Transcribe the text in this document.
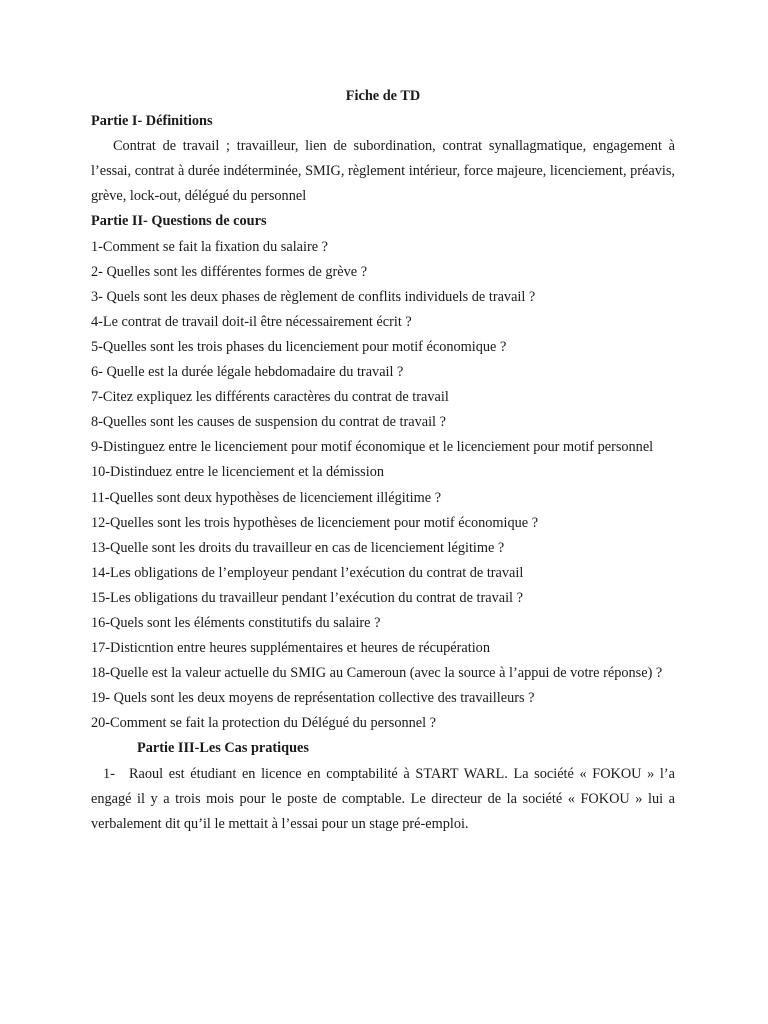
Fiche de TD

Partie I- Définitions

Contrat de travail ; travailleur, lien de subordination, contrat synallagmatique, engagement à l’essai, contrat à durée indéterminée, SMIG, règlement intérieur, force majeure, licenciement, préavis, grève, lock-out, délégué du personnel

Partie II- Questions de cours

1-Comment se fait la fixation du salaire ?

2- Quelles sont les différentes formes de grève ?

3- Quels sont les deux phases de règlement de conflits individuels de travail ?

4-Le contrat de travail doit-il être nécessairement écrit ?

5-Quelles sont les trois phases du licenciement pour motif économique ?

6- Quelle est la durée légale hebdomadaire du travail ?

7-Citez expliquez les différents caractères du contrat de travail

8-Quelles sont les causes de suspension du contrat de travail ?

9-Distinguez entre le licenciement pour motif économique et le licenciement pour motif personnel

10-Distinduez entre le licenciement et la démission

11-Quelles sont deux hypothèses de licenciement illégitime ?

12-Quelles sont les trois hypothèses de licenciement pour motif économique ?

13-Quelle sont les droits du travailleur en cas de licenciement légitime ?

14-Les obligations de l’employeur pendant l’exécution du contrat de travail

15-Les obligations du travailleur pendant l’exécution du contrat de travail ?

16-Quels sont les éléments constitutifs du salaire ?

17-Disticntion entre heures supplémentaires et heures de récupération

18-Quelle est la valeur actuelle du SMIG au Cameroun (avec la source à l’appui de votre réponse) ?

19- Quels sont les deux moyens de représentation collective des travailleurs ?

20-Comment se fait la protection du Délégué du personnel ?

Partie III-Les Cas pratiques

1- Raoul est étudiant en licence en comptabilité à START WARL. La société « FOKOU » l’a engagé il y a trois mois pour le poste de comptable. Le directeur de la société « FOKOU » lui a verbalement dit qu’il le mettait à l’essai pour un stage pré-emploi.
